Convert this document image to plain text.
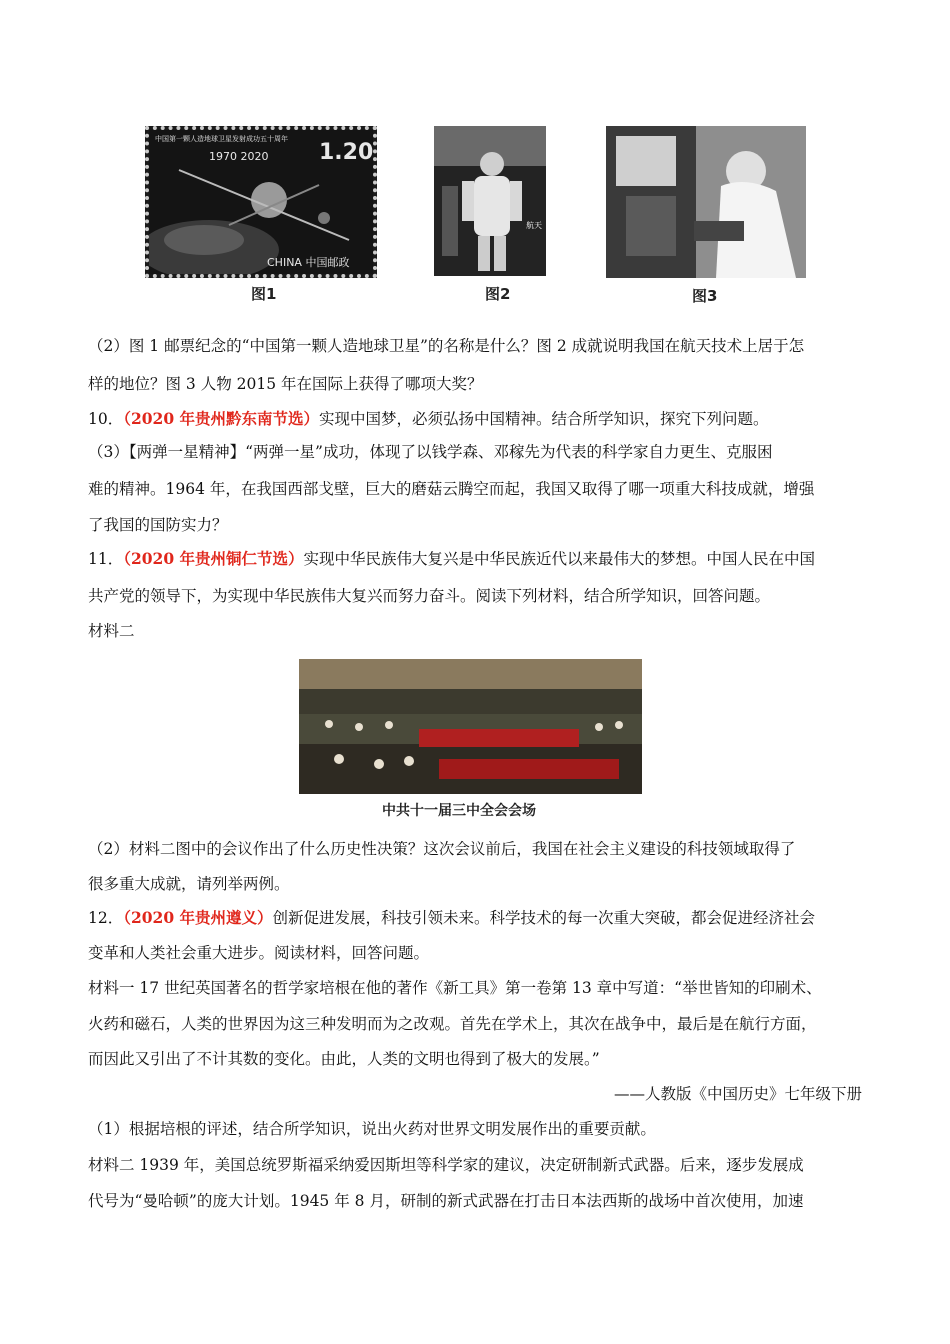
中国第一颗人造地球卫星发射成功五十周年
1970 2020 1.20
CHINA 中国邮政
图1
航天
图2	图3
（2）图 1 邮票纪念的“中国第一颗人造地球卫星”的名称是什么？图 2 成就说明我国在航天技术上居于怎
样的地位？图 3 人物 2015 年在国际上获得了哪项大奖？
10．（2020 年贵州黔东南节选）实现中国梦，必须弘扬中国精神。结合所学知识，探究下列问题。
（3）【两弹一星精神】“两弹一星”成功，体现了以钱学森、邓稼先为代表的科学家自力更生、克服困
难的精神。1964 年，在我国西部戈壁，巨大的磨菇云腾空而起，我国又取得了哪一项重大科技成就，增强
了我国的国防实力？
11．（2020 年贵州铜仁节选）实现中华民族伟大复兴是中华民族近代以来最伟大的梦想。中国人民在中国
共产党的领导下，为实现中华民族伟大复兴而努力奋斗。阅读下列材料，结合所学知识，回答问题。
材料二
中共十一届三中全会会场
（2）材料二图中的会议作出了什么历史性决策？这次会议前后，我国在社会主义建设的科技领域取得了
很多重大成就，请列举两例。
12．（2020 年贵州遵义）创新促进发展，科技引领未来。科学技术的每一次重大突破，都会促进经济社会
变革和人类社会重大进步。阅读材料，回答问题。
材料一 17 世纪英国著名的哲学家培根在他的著作《新工具》第一卷第 13 章中写道：“举世皆知的印刷术、
火药和磁石，人类的世界因为这三种发明而为之改观。首先在学术上，其次在战争中，最后是在航行方面，
而因此又引出了不计其数的变化。由此，人类的文明也得到了极大的发展。”
——人教版《中国历史》七年级下册
（1）根据培根的评述，结合所学知识，说出火药对世界文明发展作出的重要贡献。
材料二 1939 年，美国总统罗斯福采纳爱因斯坦等科学家的建议，决定研制新式武器。后来，逐步发展成
代号为“曼哈顿”的庞大计划。1945 年 8 月，研制的新式武器在打击日本法西斯的战场中首次使用，加速
